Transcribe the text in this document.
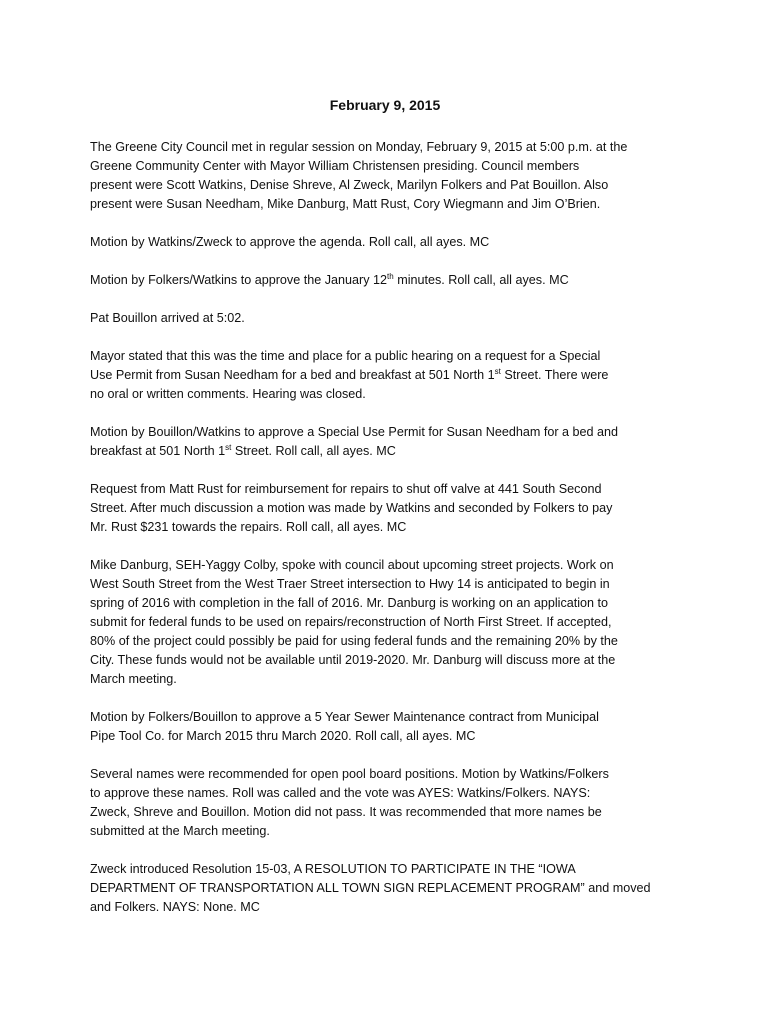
February 9, 2015
The Greene City Council met in regular session on Monday, February 9, 2015 at 5:00 p.m. at the
Greene Community Center with Mayor William Christensen presiding. Council members
present were Scott Watkins, Denise Shreve, Al Zweck, Marilyn Folkers and Pat Bouillon. Also
present were Susan Needham, Mike Danburg, Matt Rust, Cory Wiegmann and Jim O’Brien.
Motion by Watkins/Zweck to approve the agenda. Roll call, all ayes. MC
Motion by Folkers/Watkins to approve the January 12th minutes. Roll call, all ayes. MC
Pat Bouillon arrived at 5:02.
Mayor stated that this was the time and place for a public hearing on a request for a Special
Use Permit from Susan Needham for a bed and breakfast at 501 North 1st Street. There were
no oral or written comments. Hearing was closed.
Motion by Bouillon/Watkins to approve a Special Use Permit for Susan Needham for a bed and
breakfast at 501 North 1st Street. Roll call, all ayes. MC
Request from Matt Rust for reimbursement for repairs to shut off valve at 441 South Second
Street. After much discussion a motion was made by Watkins and seconded by Folkers to pay
Mr. Rust $231 towards the repairs. Roll call, all ayes. MC
Mike Danburg, SEH-Yaggy Colby, spoke with council about upcoming street projects. Work on
West South Street from the West Traer Street intersection to Hwy 14 is anticipated to begin in
spring of 2016 with completion in the fall of 2016. Mr. Danburg is working on an application to
submit for federal funds to be used on repairs/reconstruction of North First Street. If accepted,
80% of the project could possibly be paid for using federal funds and the remaining 20% by the
City. These funds would not be available until 2019-2020. Mr. Danburg will discuss more at the
March meeting.
Motion by Folkers/Bouillon to approve a 5 Year Sewer Maintenance contract from Municipal
Pipe Tool Co. for March 2015 thru March 2020. Roll call, all ayes. MC
Several names were recommended for open pool board positions. Motion by Watkins/Folkers
to approve these names. Roll was called and the vote was AYES: Watkins/Folkers. NAYS:
Zweck, Shreve and Bouillon. Motion did not pass. It was recommended that more names be
submitted at the March meeting.
Zweck introduced Resolution 15-03, A RESOLUTION TO PARTICIPATE IN THE “IOWA
DEPARTMENT OF TRANSPORTATION ALL TOWN SIGN REPLACEMENT PROGRAM” and moved
and Folkers. NAYS: None. MC
